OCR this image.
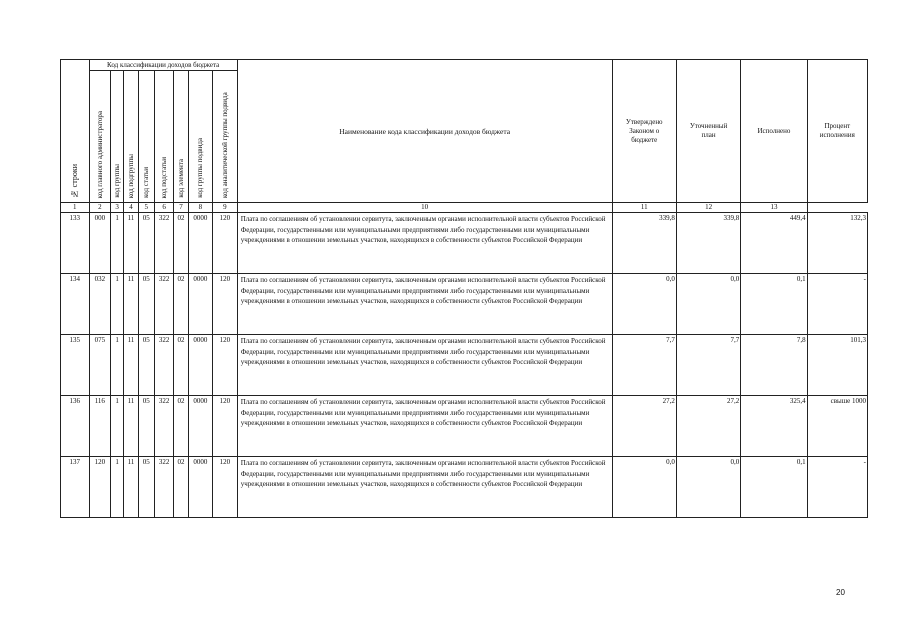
№ строки	Код классификации доходов бюджета								Наименование кода классификации доходов бюджета	Утверждено Законом о бюджете	Уточненный план	Исполнено	Процент исполнения

	код главного администратора	код группы	код подгруппы	код статьи	код подстатьи	код элемента	код группы подвида	код аналитической группы подвида					

1	2	3	4	5	6	7	8	9	10	11	12	13	
133	000	1	11	05	322	02	0000	120	Плата по соглашениям об установлении сервитута, заключенным органами исполнительной власти субъектов Российской Федерации, государственными или муниципальными предприятиями либо государственными или муниципальными учреждениями в отношении земельных участков, находящихся в собственности субъектов Российской Федерации	339,8	339,8	449,4	132,3
134	032	1	11	05	322	02	0000	120	Плата по соглашениям об установлении сервитута, заключенным органами исполнительной власти субъектов Российской Федерации, государственными или муниципальными предприятиями либо государственными или муниципальными учреждениями в отношении земельных участков, находящихся в собственности субъектов Российской Федерации	0,0	0,0	0,1	-
135	075	1	11	05	322	02	0000	120	Плата по соглашениям об установлении сервитута, заключенным органами исполнительной власти субъектов Российской Федерации, государственными или муниципальными предприятиями либо государственными или муниципальными учреждениями в отношении земельных участков, находящихся в собственности субъектов Российской Федерации	7,7	7,7	7,8	101,3
136	116	1	11	05	322	02	0000	120	Плата по соглашениям об установлении сервитута, заключенным органами исполнительной власти субъектов Российской Федерации, государственными или муниципальными предприятиями либо государственными или муниципальными учреждениями в отношении земельных участков, находящихся в собственности субъектов Российской Федерации	27,2	27,2	325,4	свыше 1000
137	120	1	11	05	322	02	0000	120	Плата по соглашениям об установлении сервитута, заключенным органами исполнительной власти субъектов Российской Федерации, государственными или муниципальными предприятиями либо государственными или муниципальными учреждениями в отношении земельных участков, находящихся в собственности субъектов Российской Федерации	0,0	0,0	0,1	-
20
